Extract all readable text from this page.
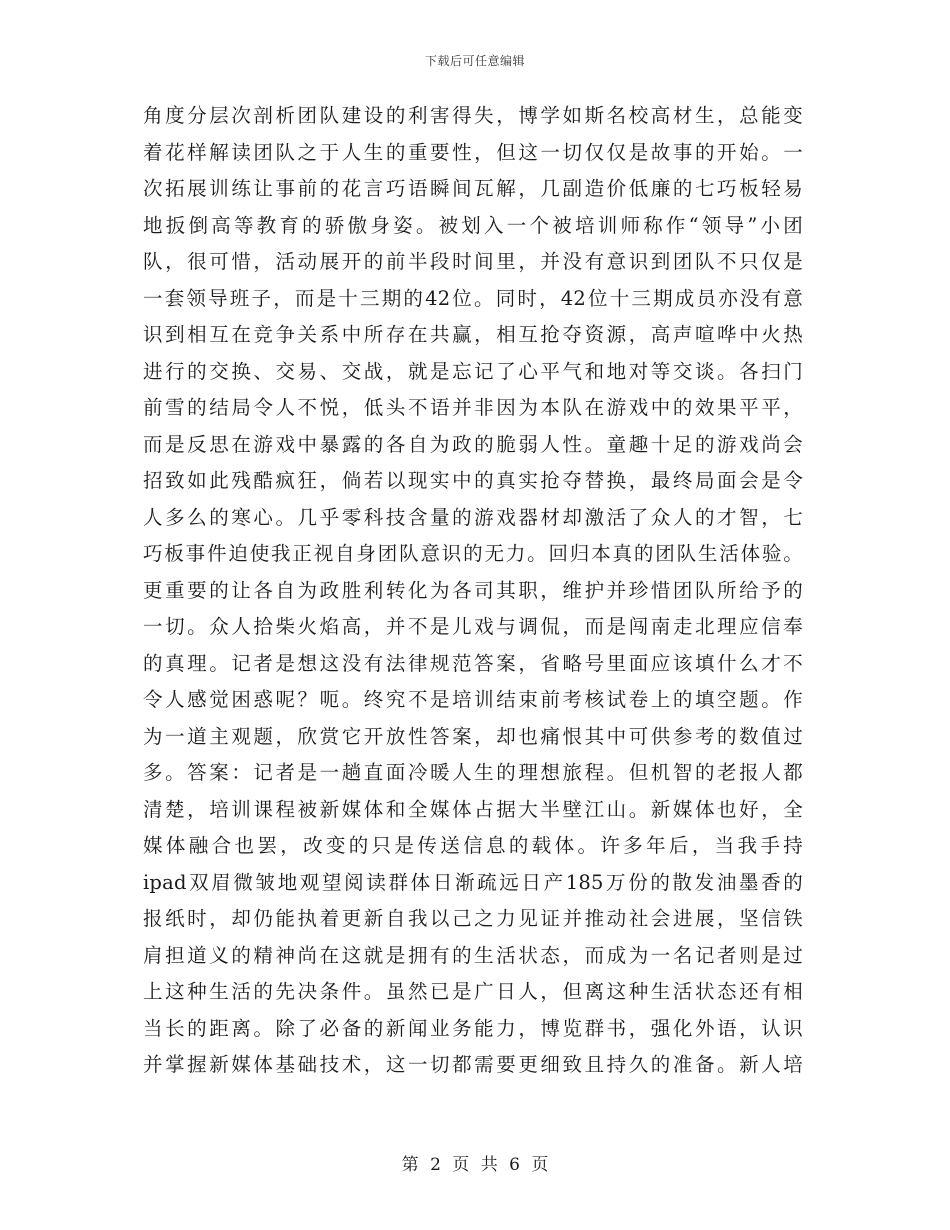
下载后可任意编辑
角度分层次剖析团队建设的利害得失，博学如斯名校高材生，总能变
着花样解读团队之于人生的重要性，但这一切仅仅是故事的开始。一
次拓展训练让事前的花言巧语瞬间瓦解，几副造价低廉的七巧板轻易
地扳倒高等教育的骄傲身姿。被划入一个被培训师称作“领导”小团
队，很可惜，活动展开的前半段时间里，并没有意识到团队不只仅是
一套领导班子，而是十三期的42位。同时，42位十三期成员亦没有意
识到相互在竞争关系中所存在共赢，相互抢夺资源，高声喧哗中火热
进行的交换、交易、交战，就是忘记了心平气和地对等交谈。各扫门
前雪的结局令人不悦，低头不语并非因为本队在游戏中的效果平平，
而是反思在游戏中暴露的各自为政的脆弱人性。童趣十足的游戏尚会
招致如此残酷疯狂，倘若以现实中的真实抢夺替换，最终局面会是令
人多么的寒心。几乎零科技含量的游戏器材却激活了众人的才智，七
巧板事件迫使我正视自身团队意识的无力。回归本真的团队生活体验。
更重要的让各自为政胜利转化为各司其职，维护并珍惜团队所给予的
一切。众人拾柴火焰高，并不是儿戏与调侃，而是闯南走北理应信奉
的真理。记者是想这没有法律规范答案，省略号里面应该填什么才不
令人感觉困惑呢？呃。终究不是培训结束前考核试卷上的填空题。作
为一道主观题，欣赏它开放性答案，却也痛恨其中可供参考的数值过
多。答案：记者是一趟直面冷暖人生的理想旅程。但机智的老报人都
清楚，培训课程被新媒体和全媒体占据大半壁江山。新媒体也好，全
媒体融合也罢，改变的只是传送信息的载体。许多年后，当我手持
ipad双眉微皱地观望阅读群体日渐疏远日产185万份的散发油墨香的
报纸时，却仍能执着更新自我以己之力见证并推动社会进展，坚信铁
肩担道义的精神尚在这就是拥有的生活状态，而成为一名记者则是过
上这种生活的先决条件。虽然已是广日人，但离这种生活状态还有相
当长的距离。除了必备的新闻业务能力，博览群书，强化外语，认识
并掌握新媒体基础技术，这一切都需要更细致且持久的准备。新人培
第 2 页 共 6 页
